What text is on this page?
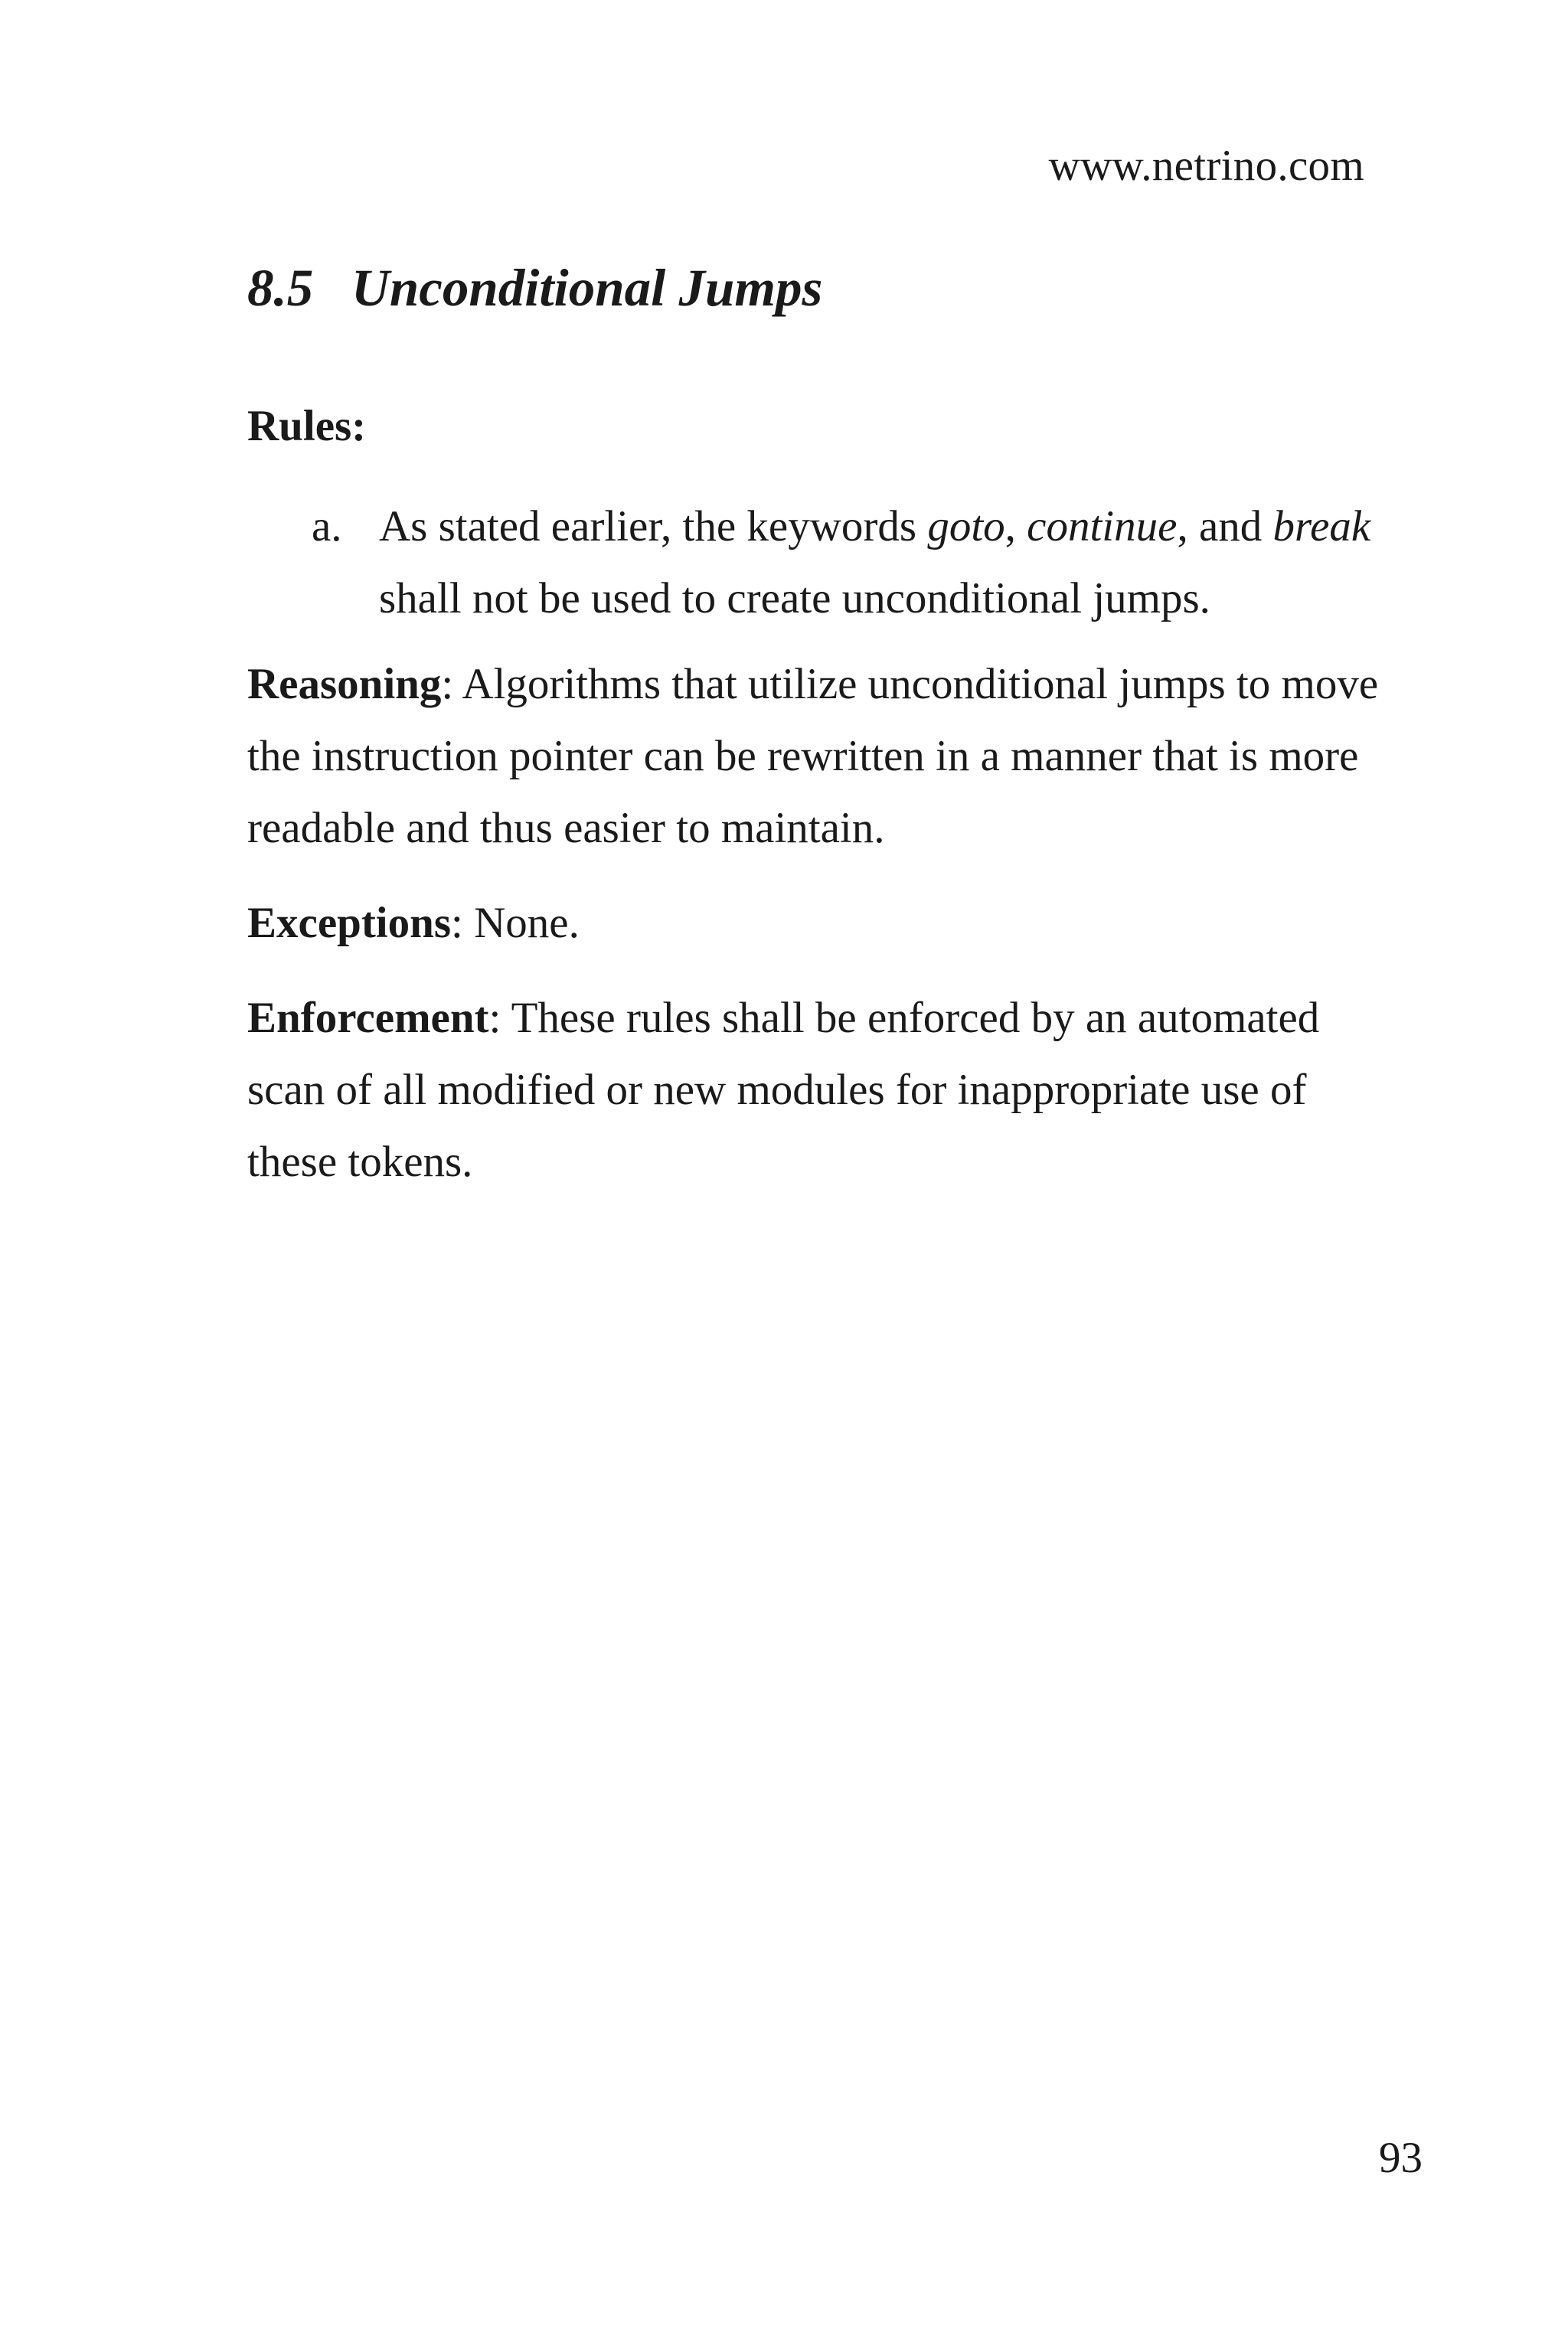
www.netrino.com
8.5 Unconditional Jumps

Rules:

a. As stated earlier, the keywords goto, continue, and break shall not be used to create unconditional jumps.

Reasoning: Algorithms that utilize unconditional jumps to move the instruction pointer can be rewritten in a manner that is more readable and thus easier to maintain.

Exceptions: None.

Enforcement: These rules shall be enforced by an automated scan of all modified or new modules for inappropriate use of these tokens.

93
